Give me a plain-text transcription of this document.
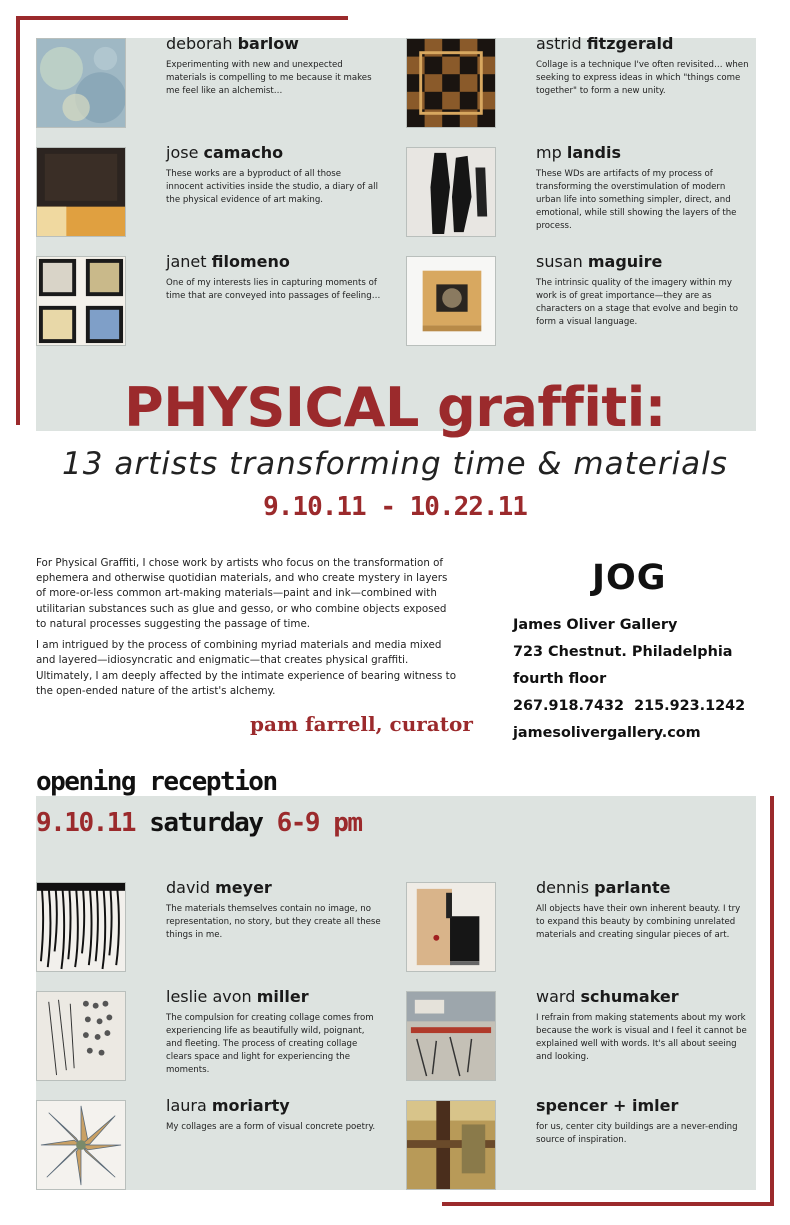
deborah barlow
Experimenting with new and unexpected materials is compelling to me because it makes me feel like an alchemist…
astrid fitzgerald
Collage is a technique I've often revisited… when seeking to express ideas in which "things come together" to form a new unity.
jose camacho
These works are a byproduct of all those innocent activities inside the studio, a diary of all the physical evidence of art making.
mp landis
These WDs are artifacts of my process of transforming the overstimulation of modern urban life into something simpler, direct, and emotional, while still showing the layers of the process.
janet filomeno
One of my interests lies in capturing moments of time that are conveyed into passages of feeling…
susan maguire
The intrinsic quality of the imagery within my work is of great importance—they are as characters on a stage that evolve and begin to form a visual language.
PHYSICAL graffiti:
13 artists transforming time & materials
9.10.11 - 10.22.11

For Physical Graffiti, I chose work by artists who focus on the transformation of ephemera and otherwise quotidian materials, and who create mystery in layers of more-or-less common art-making materials—paint and ink—combined with utilitarian substances such as glue and gesso, or who combine objects exposed to natural processes suggesting the passage of time.

I am intrigued by the process of combining myriad materials and media mixed and layered—idiosyncratic and enigmatic—that creates physical graffiti. Ultimately, I am deeply affected by the intimate experience of bearing witness to the open-ended nature of the artist's alchemy.

pam farrell, curator
JOG
James Oliver Gallery
723 Chestnut. Philadelphia
fourth floor
267.918.7432 215.923.1242
jamesolivergallery.com
opening reception
9.10.11 saturday 6-9 pm
david meyer
The materials themselves contain no image, no representation, no story, but they create all these things in me.
dennis parlante
All objects have their own inherent beauty. I try to expand this beauty by combining unrelated materials and creating singular pieces of art.
leslie avon miller
The compulsion for creating collage comes from experiencing life as beautifully wild, poignant, and fleeting. The process of creating collage clears space and light for experiencing the moments.
ward schumaker
I refrain from making statements about my work because the work is visual and I feel it cannot be explained well with words. It's all about seeing and looking.
laura moriarty
My collages are a form of visual concrete poetry.
spencer + imler
for us, center city buildings are a never-ending source of inspiration.
